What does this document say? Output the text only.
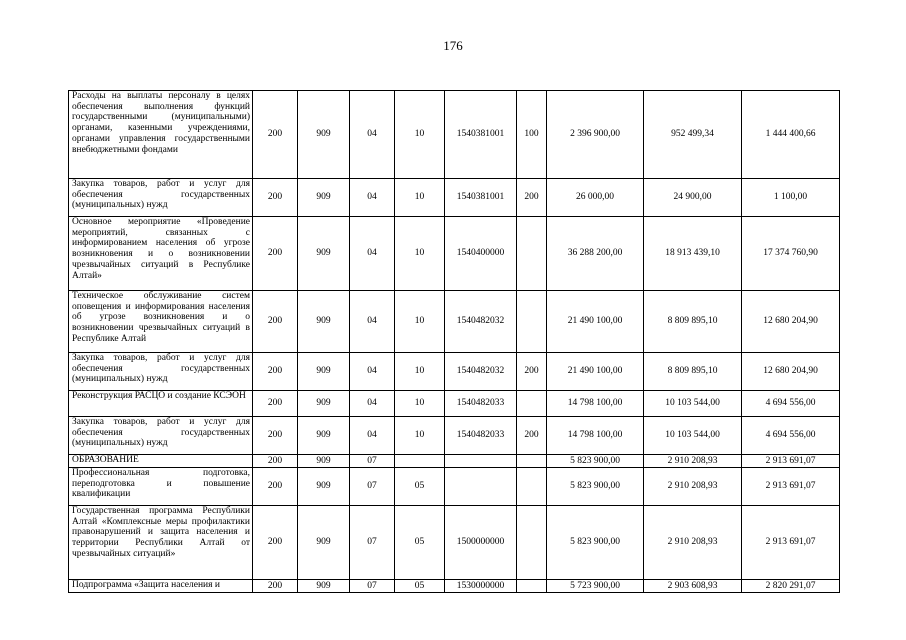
176
Расходы на выплаты персоналу в целях обеспечения выполнения функций государственными (муниципальными) органами, казенными учреждениями, органами управления государственными внебюджетными фондами	200	909	04	10	1540381001	100	2 396 900,00	952 499,34	1 444 400,66
Закупка товаров, работ и услуг для обеспечения государственных (муниципальных) нужд	200	909	04	10	1540381001	200	26 000,00	24 900,00	1 100,00
Основное мероприятие «Проведение мероприятий, связанных с информированием населения об угрозе возникновения и о возникновении чрезвычайных ситуаций в Республике Алтай»	200	909	04	10	1540400000		36 288 200,00	18 913 439,10	17 374 760,90
Техническое обслуживание систем оповещения и информирования населения об угрозе возникновения и о возникновении чрезвычайных ситуаций в Республике Алтай	200	909	04	10	1540482032		21 490 100,00	8 809 895,10	12 680 204,90
Закупка товаров, работ и услуг для обеспечения государственных (муниципальных) нужд	200	909	04	10	1540482032	200	21 490 100,00	8 809 895,10	12 680 204,90
Реконструкция РАСЦО и создание КСЭОН	200	909	04	10	1540482033		14 798 100,00	10 103 544,00	4 694 556,00
Закупка товаров, работ и услуг для обеспечения государственных (муниципальных) нужд	200	909	04	10	1540482033	200	14 798 100,00	10 103 544,00	4 694 556,00
ОБРАЗОВАНИЕ	200	909	07				5 823 900,00	2 910 208,93	2 913 691,07
Профессиональная подготовка, переподготовка и повышение квалификации	200	909	07	05			5 823 900,00	2 910 208,93	2 913 691,07
Государственная программа Республики Алтай «Комплексные меры профилактики правонарушений и защита населения и территории Республики Алтай от чрезвычайных ситуаций»	200	909	07	05	1500000000		5 823 900,00	2 910 208,93	2 913 691,07
Подпрограмма «Защита населения и	200	909	07	05	1530000000		5 723 900,00	2 903 608,93	2 820 291,07
